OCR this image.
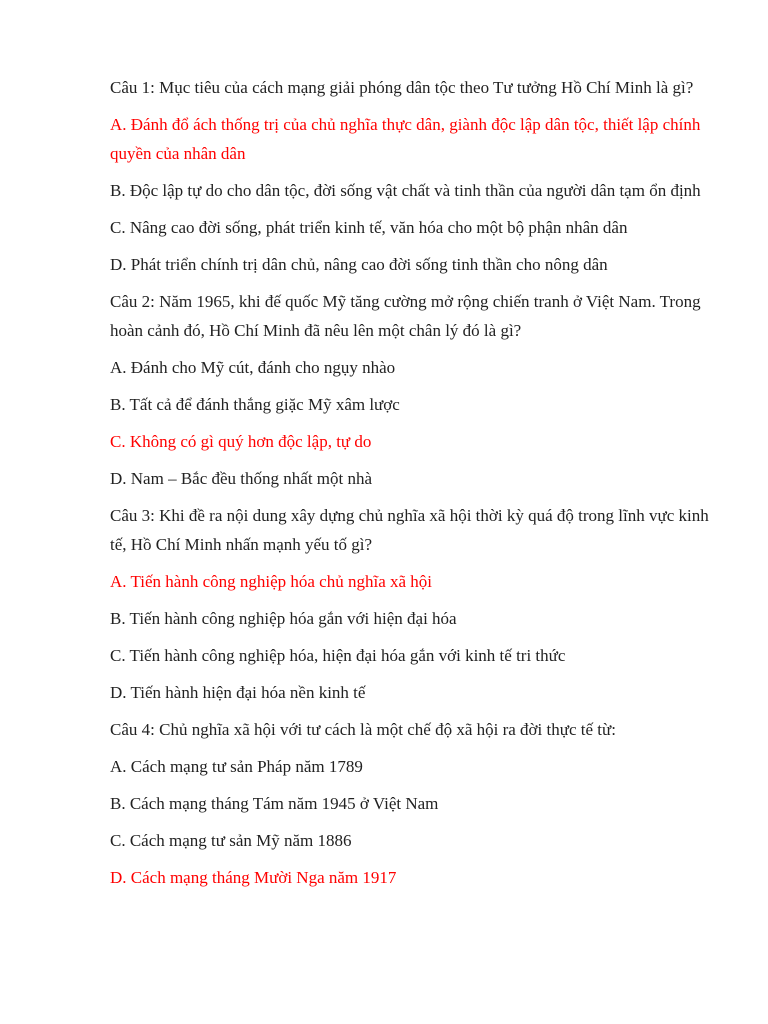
Câu 1: Mục tiêu của cách mạng giải phóng dân tộc theo Tư tưởng Hồ Chí Minh là gì?

A. Đánh đổ ách thống trị của chủ nghĩa thực dân, giành độc lập dân tộc, thiết lập chính quyền của nhân dân

B. Độc lập tự do cho dân tộc, đời sống vật chất và tinh thần của người dân tạm ổn định

C. Nâng cao đời sống, phát triển kinh tế, văn hóa cho một bộ phận nhân dân

D. Phát triển chính trị dân chủ, nâng cao đời sống tinh thần cho nông dân

Câu 2: Năm 1965, khi đế quốc Mỹ tăng cường mở rộng chiến tranh ở Việt Nam. Trong hoàn cảnh đó, Hồ Chí Minh đã nêu lên một chân lý đó là gì?

A. Đánh cho Mỹ cút, đánh cho ngụy nhào

B. Tất cả để đánh thắng giặc Mỹ xâm lược

C. Không có gì quý hơn độc lập, tự do

D. Nam – Bắc đều thống nhất một nhà

Câu 3: Khi đề ra nội dung xây dựng chủ nghĩa xã hội thời kỳ quá độ trong lĩnh vực kinh tế, Hồ Chí Minh nhấn mạnh yếu tố gì?

A. Tiến hành công nghiệp hóa chủ nghĩa xã hội

B. Tiến hành công nghiệp hóa gắn với hiện đại hóa

C. Tiến hành công nghiệp hóa, hiện đại hóa gắn với kinh tế tri thức

D. Tiến hành hiện đại hóa nền kinh tế

Câu 4: Chủ nghĩa xã hội với tư cách là một chế độ xã hội ra đời thực tế từ:

A. Cách mạng tư sản Pháp năm 1789

B. Cách mạng tháng Tám năm 1945 ở Việt Nam

C. Cách mạng tư sản Mỹ năm 1886

D. Cách mạng tháng Mười Nga năm 1917
